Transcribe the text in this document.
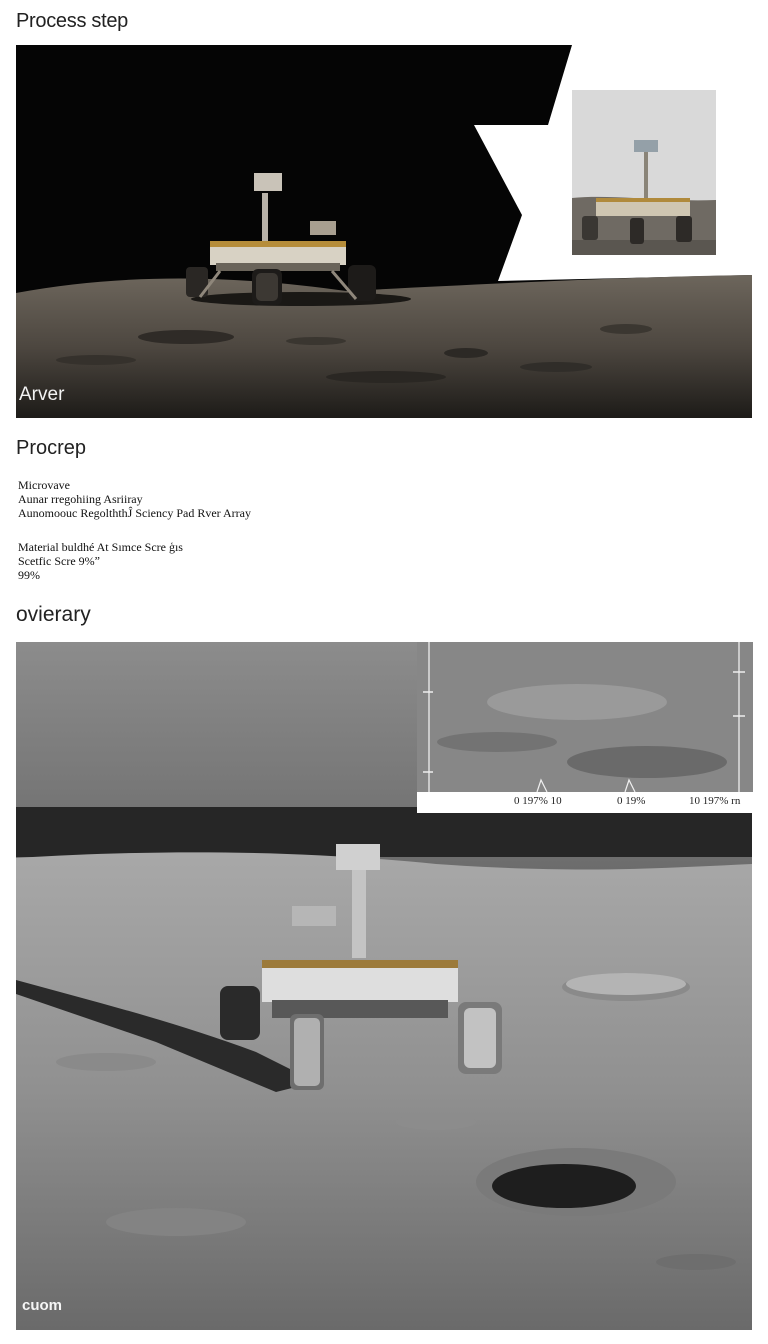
Process step
Arver
Procrep
Microvave
Aunar rregohiing Asriiray
Aunomoouc RegolththĴ Sciency Pad Rver Array
Material buldhé At Sımce Scre ģıs
Scetfic Scre 9%ˮ
99%
ovierary
cuom
0 197% 10	0 19%	10 197% rn
